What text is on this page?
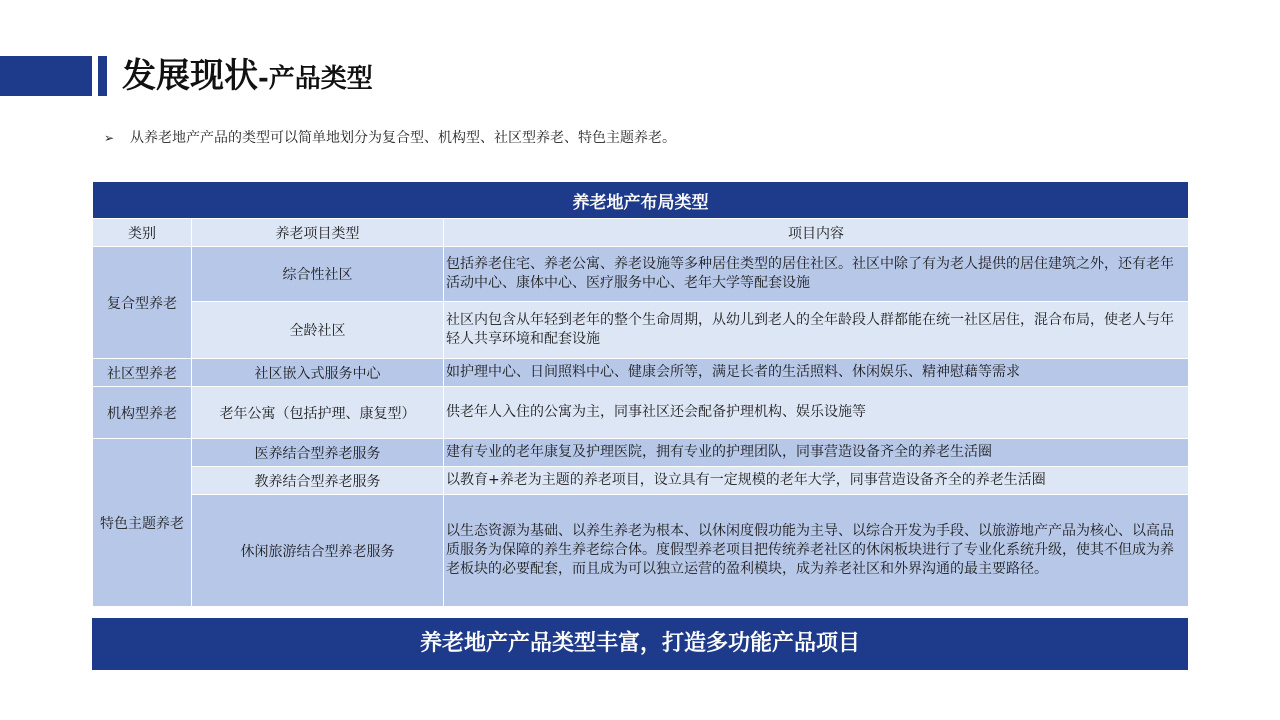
发展现状-产品类型
➢ 从养老地产产品的类型可以简单地划分为复合型、机构型、社区型养老、特色主题养老。
养老地产布局类型		
类别	养老项目类型	项目内容
复合型养老	综合性社区	包括养老住宅、养老公寓、养老设施等多种居住类型的居住社区。社区中除了有为老人提供的居住建筑之外，还有老年活动中心、康体中心、医疗服务中心、老年大学等配套设施
	全龄社区	社区内包含从年轻到老年的整个生命周期，从幼儿到老人的全年龄段人群都能在统一社区居住，混合布局，使老人与年轻人共享环境和配套设施
社区型养老	社区嵌入式服务中心	如护理中心、日间照料中心、健康会所等，满足长者的生活照料、休闲娱乐、精神慰藉等需求
机构型养老	老年公寓（包括护理、康复型）	供老年人入住的公寓为主，同事社区还会配备护理机构、娱乐设施等
特色主题养老	医养结合型养老服务	建有专业的老年康复及护理医院，拥有专业的护理团队，同事营造设备齐全的养老生活圈
	教养结合型养老服务	以教育+养老为主题的养老项目，设立具有一定规模的老年大学，同事营造设备齐全的养老生活圈
	休闲旅游结合型养老服务	以生态资源为基础、以养生养老为根本、以休闲度假功能为主导、以综合开发为手段、以旅游地产产品为核心、以高品质服务为保障的养生养老综合体。度假型养老项目把传统养老社区的休闲板块进行了专业化系统升级，使其不但成为养老板块的必要配套，而且成为可以独立运营的盈利模块，成为养老社区和外界沟通的最主要路径。
养老地产产品类型丰富，打造多功能产品项目
